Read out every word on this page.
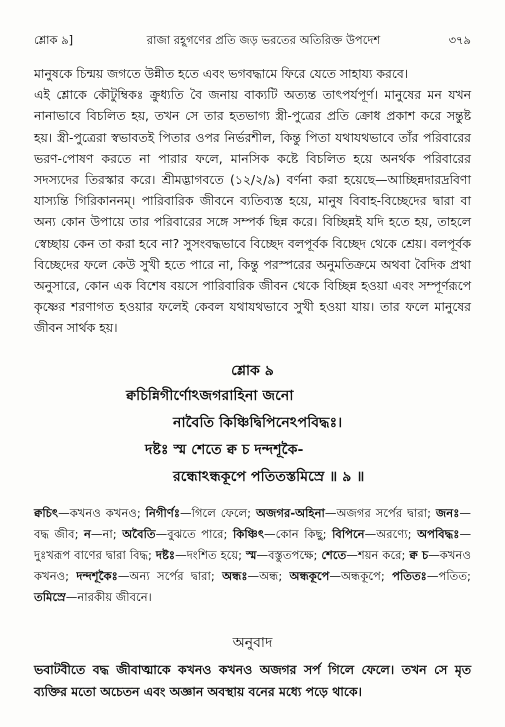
শ্লোক ৯]	রাজা রহূগণের প্রতি জড় ভরতের অতিরিক্ত উপদেশ	৩৭৯

মানুষকে চিন্ময় জগতে উন্নীত হতে এবং ভগবদ্ধামে ফিরে যেতে সাহায্য করবে।

এই শ্লোকে কৌটুম্বিকঃ ক্রুধ্যতি বৈ জনায় বাক্যটি অত্যন্ত তাৎপর্যপূর্ণ। মানুষের মন যখন নানাভাবে বিচলিত হয়, তখন সে তার হতভাগ্য স্ত্রী-পুত্রের প্রতি ক্রোধ প্রকাশ করে সন্তুষ্ট হয়। স্ত্রী-পুত্রেরা স্বভাবতই পিতার ওপর নির্ভরশীল, কিন্তু পিতা যথাযথভাবে তাঁর পরিবারের ভরণ-পোষণ করতে না পারার ফলে, মানসিক কষ্টে বিচলিত হয়ে অনর্থক পরিবারের সদস্যদের তিরস্কার করে। শ্রীমদ্ভাগবতে (১২/২/৯) বর্ণনা করা হয়েছে—আচ্ছিন্নদারদ্রবিণা যাস্যন্তি গিরিকাননম্। পারিবারিক জীবনে ব্যতিব্যস্ত হয়ে, মানুষ বিবাহ-বিচ্ছেদের দ্বারা বা অন্য কোন উপায়ে তার পরিবারের সঙ্গে সম্পর্ক ছিন্ন করে। বিচ্ছিন্নই যদি হতে হয়, তাহলে স্বেচ্ছায় কেন তা করা হবে না? সুসংবদ্ধভাবে বিচ্ছেদ বলপূর্বক বিচ্ছেদ থেকে শ্রেয়। বলপূর্বক বিচ্ছেদের ফলে কেউ সুখী হতে পারে না, কিন্তু পরস্পরের অনুমতিক্রমে অথবা বৈদিক প্রথা অনুসারে, কোন এক বিশেষ বয়সে পারিবারিক জীবন থেকে বিচ্ছিন্ন হওয়া এবং সম্পূর্ণরূপে কৃষ্ণের শরণাগত হওয়ার ফলেই কেবল যথাযথভাবে সুখী হওয়া যায়। তার ফলে মানুষের জীবন সার্থক হয়।

শ্লোক ৯
ক্বচিন্নিগীর্ণোঽজগরাহিনা জনো
নাবৈতি কিঞ্চিদ্বিপিনেঽপবিদ্ধঃ।
দষ্টঃ স্ম শেতে ক্ব চ দন্দশূকৈ-
রন্ধোঽন্ধকূপে পতিতস্তমিস্রে ॥ ৯ ॥
ক্বচিৎ—কখনও কখনও; নিগীর্ণঃ—গিলে ফেলে; অজগর-অহিনা—অজগর সর্পের দ্বারা; জনঃ—বদ্ধ জীব; ন—না; অবৈতি—বুঝতে পারে; কিঞ্চিৎ—কোন কিছু; বিপিনে—অরণ্যে; অপবিদ্ধঃ—দুঃখরূপ বাণের দ্বারা বিদ্ধ; দষ্টঃ—দংশিত হয়ে; স্ম—বস্তুতপক্ষে; শেতে—শয়ন করে; ক্ব চ—কখনও কখনও; দন্দশূকৈঃ—অন্য সর্পের দ্বারা; অন্ধঃ—অন্ধ; অন্ধকূপে—অন্ধকূপে; পতিতঃ—পতিত; তমিস্রে—নারকীয় জীবনে।
অনুবাদ
ভবাটবীতে বদ্ধ জীবাত্মাকে কখনও কখনও অজগর সর্প গিলে ফেলে। তখন সে মৃত ব্যক্তির মতো অচেতন এবং অজ্ঞান অবস্থায় বনের মধ্যে পড়ে থাকে।
